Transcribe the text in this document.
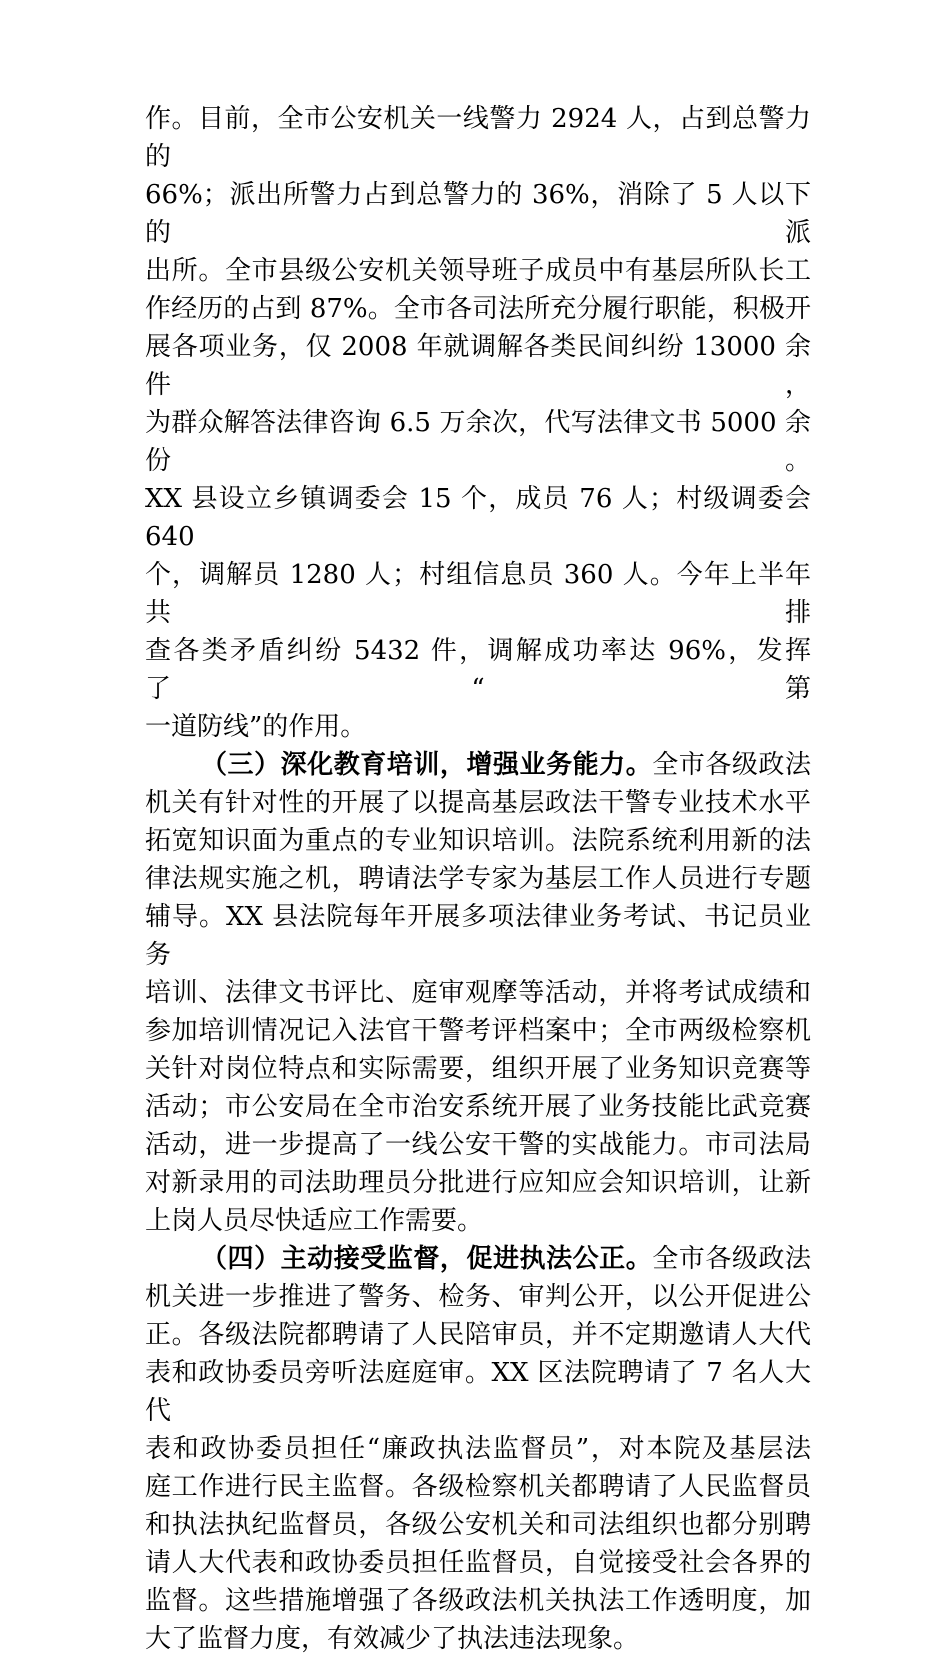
作。目前，全市公安机关一线警力 2924 人，占到总警力的
66%；派出所警力占到总警力的 36%，消除了 5 人以下的派
出所。全市县级公安机关领导班子成员中有基层所队长工
作经历的占到 87%。全市各司法所充分履行职能，积极开
展各项业务，仅 2008 年就调解各类民间纠纷 13000 余件，
为群众解答法律咨询 6.5 万余次，代写法律文书 5000 余份。
XX 县设立乡镇调委会 15 个，成员 76 人；村级调委会 640
个，调解员 1280 人；村组信息员 360 人。今年上半年共排
查各类矛盾纠纷 5432 件，调解成功率达 96%，发挥了“第
一道防线”的作用。
（三）深化教育培训，增强业务能力。全市各级政法
机关有针对性的开展了以提高基层政法干警专业技术水平
拓宽知识面为重点的专业知识培训。法院系统利用新的法
律法规实施之机，聘请法学专家为基层工作人员进行专题
辅导。XX 县法院每年开展多项法律业务考试、书记员业务
培训、法律文书评比、庭审观摩等活动，并将考试成绩和
参加培训情况记入法官干警考评档案中；全市两级检察机
关针对岗位特点和实际需要，组织开展了业务知识竞赛等
活动；市公安局在全市治安系统开展了业务技能比武竞赛
活动，进一步提高了一线公安干警的实战能力。市司法局
对新录用的司法助理员分批进行应知应会知识培训，让新
上岗人员尽快适应工作需要。
（四）主动接受监督，促进执法公正。全市各级政法
机关进一步推进了警务、检务、审判公开，以公开促进公
正。各级法院都聘请了人民陪审员，并不定期邀请人大代
表和政协委员旁听法庭庭审。XX 区法院聘请了 7 名人大代
表和政协委员担任“廉政执法监督员”，对本院及基层法
庭工作进行民主监督。各级检察机关都聘请了人民监督员
和执法执纪监督员，各级公安机关和司法组织也都分别聘
请人大代表和政协委员担任监督员，自觉接受社会各界的
监督。这些措施增强了各级政法机关执法工作透明度，加
大了监督力度，有效减少了执法违法现象。
